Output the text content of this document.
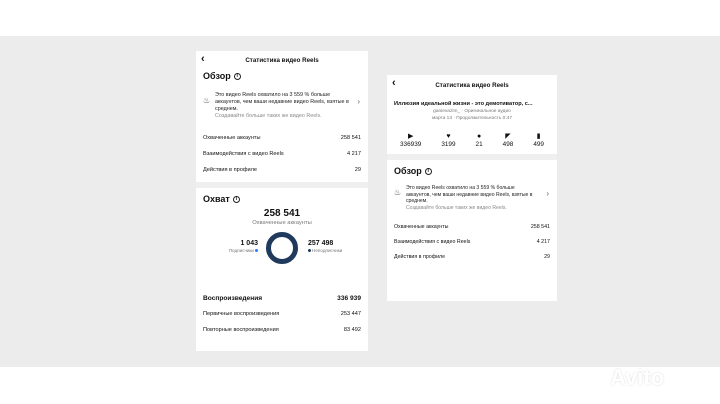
‹	Статистика видео Reels
Обзор	i
♨
Это видео Reels охватило на 3 559 % больше аккаунтов, чем ваши недавние видео Reels, взятые в среднем.
Создавайте больше таких же видео Reels.
›
Охваченные аккаунты	258 541
Взаимодействия с видео Reels	4 217
Действия в профиле	29
Охват	i
258 541
Охваченные аккаунты
1 043
Подписчики
257 498
Неподписчики
Воспроизведения	336 939
Первичные воспроизведения	253 447
Повторные воспроизведения	83 492
‹	Статистика видео Reels
Иллюзия идеальной жизни - это демотиватор, с...
ganievazim_ · Оригинальное аудио
марта 13 · Продолжительность 0:47
▶
336939
♥
3199
●
21
◤
498
▮
499
Обзор	i
♨ Это видео Reels охватило на 3 559 % больше аккаунтов, чем ваши недавние видео Reels, взятые в среднем.
Создавайте больше таких же видео Reels.
›
Охваченные аккаунты	258 541
Взаимодействия с видео Reels	4 217
Действия в профиле	29
Avito
